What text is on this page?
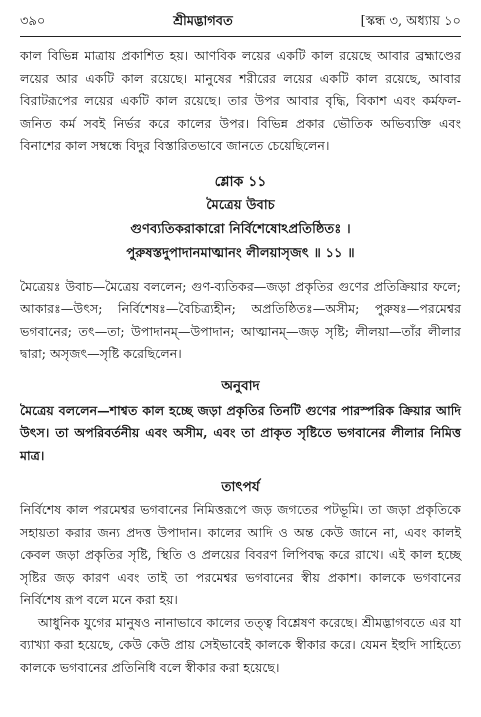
৩৯০	শ্রীমদ্ভাগবত	[স্কন্ধ ৩, অধ্যায় ১০

কাল বিভিন্ন মাত্রায় প্রকাশিত হয়। আণবিক লয়ের একটি কাল রয়েছে আবার ব্রহ্মাণ্ডের লয়ের আর একটি কাল রয়েছে। মানুষের শরীরের লয়ের একটি কাল রয়েছে, আবার বিরাটরূপের লয়ের একটি কাল রয়েছে। তার উপর আবার বৃদ্ধি, বিকাশ এবং কর্মফল-জনিত কর্ম সবই নির্ভর করে কালের উপর। বিভিন্ন প্রকার ভৌতিক অভিব্যক্তি এবং বিনাশের কাল সম্বন্ধে বিদুর বিস্তারিতভাবে জানতে চেয়েছিলেন।

শ্লোক ১১
মৈত্রেয় উবাচ
গুণব্যতিকরাকারো নির্বিশেষোঽপ্রতিষ্ঠিতঃ ।
পুরুষস্তদুপাদানমাত্মানং লীলয়াসৃজৎ ॥ ১১ ॥

মৈত্রেয়ঃ উবাচ—মৈত্রেয় বললেন; গুণ-ব্যতিকর—জড়া প্রকৃতির গুণের প্রতিক্রিয়ার ফলে; আকারঃ—উৎস; নির্বিশেষঃ—বৈচিত্র্যহীন; অপ্রতিষ্ঠিতঃ—অসীম; পুরুষঃ—পরমেশ্বর ভগবানের; তৎ—তা; উপাদানম্—উপাদান; আত্মানম্—জড় সৃষ্টি; লীলয়া—তাঁর লীলার দ্বারা; অসৃজৎ—সৃষ্টি করেছিলেন।

অনুবাদ

মৈত্রেয় বললেন—শাশ্বত কাল হচ্ছে জড়া প্রকৃতির তিনটি গুণের পারস্পরিক ক্রিয়ার আদি উৎস। তা অপরিবর্তনীয় এবং অসীম, এবং তা প্রাকৃত সৃষ্টিতে ভগবানের লীলার নিমিত্ত মাত্র।

তাৎপর্য

নির্বিশেষ কাল পরমেশ্বর ভগবানের নিমিত্তরূপে জড় জগতের পটভূমি। তা জড়া প্রকৃতিকে সহায়তা করার জন্য প্রদত্ত উপাদান। কালের আদি ও অন্ত কেউ জানে না, এবং কালই কেবল জড়া প্রকৃতির সৃষ্টি, স্থিতি ও প্রলয়ের বিবরণ লিপিবদ্ধ করে রাখে। এই কাল হচ্ছে সৃষ্টির জড় কারণ এবং তাই তা পরমেশ্বর ভগবানের স্বীয় প্রকাশ। কালকে ভগবানের নির্বিশেষ রূপ বলে মনে করা হয়।

আধুনিক যুগের মানুষও নানাভাবে কালের তত্ত্ব বিশ্লেষণ করেছে। শ্রীমদ্ভাগবতে এর যা ব্যাখ্যা করা হয়েছে, কেউ কেউ প্রায় সেইভাবেই কালকে স্বীকার করে। যেমন ইহুদি সাহিত্যে কালকে ভগবানের প্রতিনিধি বলে স্বীকার করা হয়েছে।
